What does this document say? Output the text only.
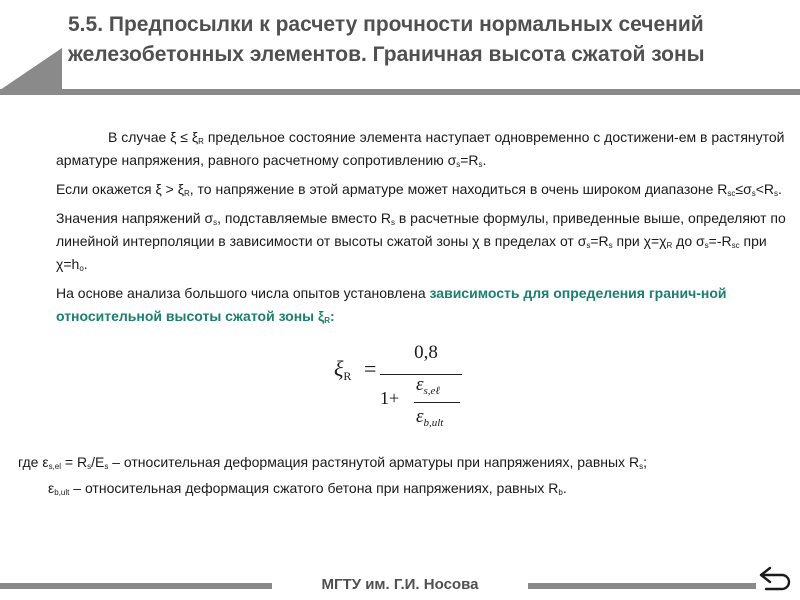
5.5. Предпосылки к расчету прочности нормальных сечений
железобетонных элементов. Граничная высота сжатой зоны

В случае $\xi \le \xi_R$ предельное состояние элемента наступает одновременно с достижени-ем в растянутой арматуре напряжения, равного расчетному сопротивлению $\sigma_s=R_s$.

Если окажется $\xi > \xi_R$, то напряжение в этой арматуре может находиться в очень широком диапазоне $R_{sc}\le\sigma_s<R_s$.

Значения напряжений $\sigma_s$, подставляемые вместо $R_s$ в расчетные формулы, приведенные выше, определяют по линейной интерполяции в зависимости от высоты сжатой зоны χ в пределах от $\sigma_s=R_s$ при $\chi=\chi_R$ до $\sigma_s=-R_{sc}$ при $\chi=h_o$.

На основе анализа большого числа опытов установлена зависимость для определения гранич-ной относительной высоты сжатой зоны $\xi_R$:

ξR =
0,8
1+
$\varepsilon_{s,e\ell}$
$\varepsilon_{b,ult}$

где $\varepsilon_{s,el} = R_s/E_s$ – относительная деформация растянутой арматуры при напряжениях, равных $R_s$;

$\varepsilon_{b,ult}$ – относительная деформация сжатого бетона при напряжениях, равных $R_b$.

МГТУ им. Г.И. Носова
